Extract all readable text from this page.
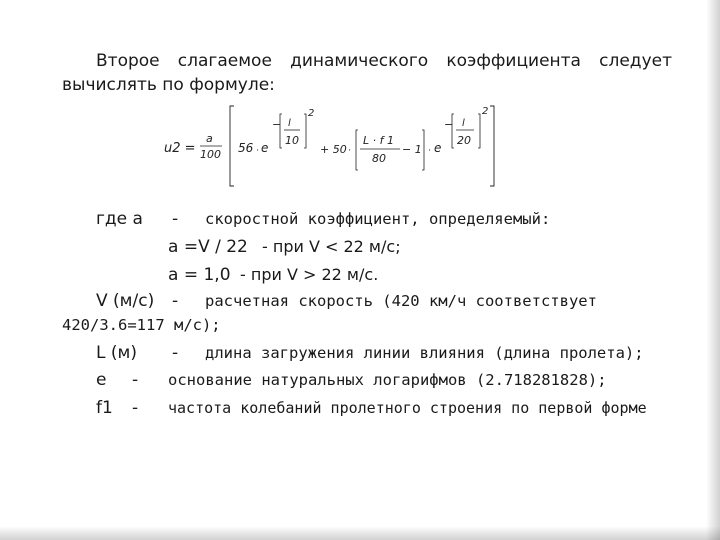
Второе слагаемое динамического коэффициента следует
вычислять по формуле:
u2 =
a
100 56 · e
− l
10
2
+ 50 ·
L · f 1
80
− 1 · e
− l
20
2
где а - скоростной коэффициент, определяемый:
а =V / 22 - при V < 22 м/с;
а = 1,0 - при V > 22 м/с.
V (м/с) - расчетная скорость (420 км/ч соответствует
420/3.6=117 м/с);
L (м) - длина загружения линии влияния (длина пролета);
е - основание натуральных логарифмов (2.718281828);
f1 - частота колебаний пролетного строения по первой форме
